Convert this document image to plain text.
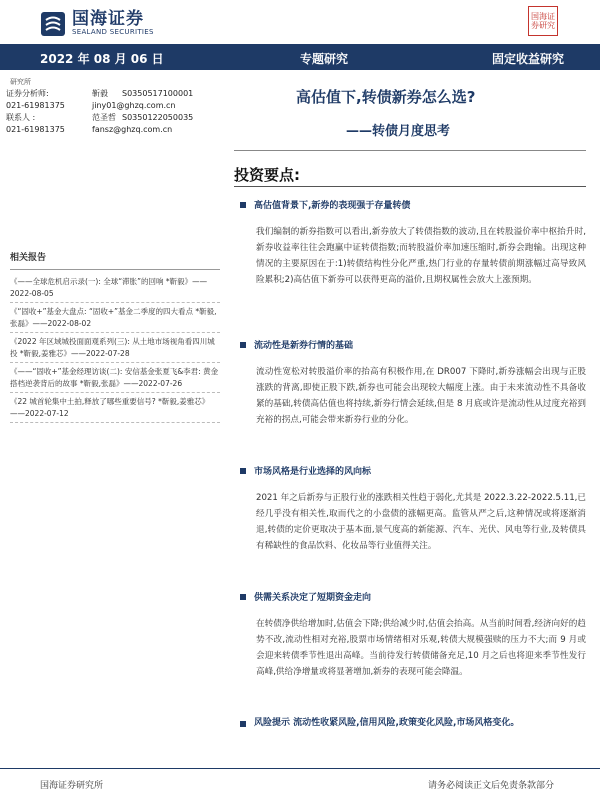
国海证券
SEALAND SECURITIES
国海证券研究
2022 年 08 月 06 日	专题研究	固定收益研究
研究所
证券分析师:	靳毅 S0350517100001
021-61981375	jiny01@ghzq.com.cn
联系人 :	范圣哲 S0350122050035
021-61981375	fansz@ghzq.com.cn
相关报告
《——全球危机启示录(一): 全球“滞胀”的回响 *靳毅》——2022-08-05
《“固收+”基金大盘点: “固收+”基金二季度的四大看点 *靳毅,张磊》——2022-08-02
《2022 年区域城投面面观系列(三): 从土地市场视角看四川城投 *靳毅,姜雅芯》——2022-07-28
《——“固收+”基金经理访谈(二): 安信基金张夏飞&李君: 黄金搭档逆袭背后的故事 *靳毅,张磊》——2022-07-26
《22 城首轮集中土拍,释放了哪些重要信号? *靳毅,姜雅芯》——2022-07-12
高估值下,转债新券怎么选?
——转债月度思考
投资要点:
高估值背景下,新券的表现强于存量转债
我们编制的新券指数可以看出,新券放大了转债指数的波动,且在转股溢价率中枢抬升时,新券收益率往往会跑赢中证转债指数;而转股溢价率加速压缩时,新券会跑输。出现这种情况的主要原因在于:1)转债结构性分化严重,热门行业的存量转债前期涨幅过高导致风险累积;2)高估值下新券可以获得更高的溢价,且期权属性会放大上涨预期。
流动性是新券行情的基础
流动性宽松对转股溢价率的抬高有积极作用,在 DR007 下降时,新券涨幅会出现与正股涨跌的背离,即使正股下跌,新券也可能会出现较大幅度上涨。由于未来流动性不具备收紧的基础,转债高估值也将持续,新券行情会延续,但是 8 月底或许是流动性从过度充裕到充裕的拐点,可能会带来新券行业的分化。
市场风格是行业选择的风向标
2021 年之后新券与正股行业的涨跌相关性趋于弱化,尤其是 2022.3.22-2022.5.11,已经几乎没有相关性,取而代之的小盘债的涨幅更高。监管从严之后,这种情况或将逐渐消退,转债的定价更取决于基本面,景气度高的新能源、汽车、光伏、风电等行业,及转债具有稀缺性的食品饮料、化妆品等行业值得关注。
供需关系决定了短期资金走向
在转债净供给增加时,估值会下降;供给减少时,估值会抬高。从当前时间看,经济向好的趋势不改,流动性相对充裕,股票市场情绪相对乐观,转债大规模强赎的压力不大;而 9 月或会迎来转债季节性退出高峰。当前待发行转债储备充足,10 月之后也将迎来季节性发行高峰,供给净增量或将显著增加,新券的表现可能会降温。
风险提示 流动性收紧风险,信用风险,政策变化风险,市场风格变化。
国海证券研究所	请务必阅读正文后免责条款部分
